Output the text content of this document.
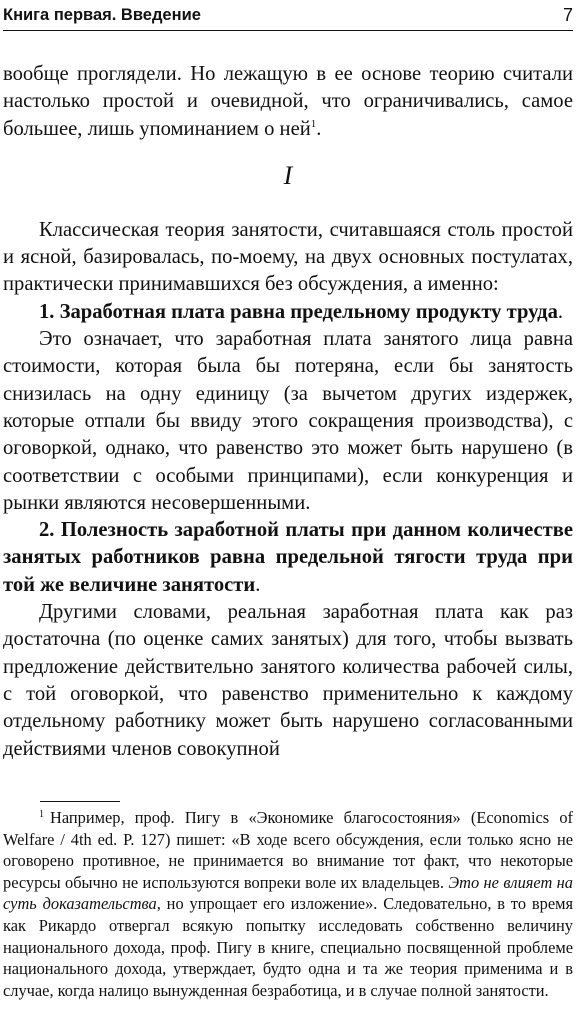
Книга первая. Введение	7

вообще проглядели. Но лежащую в ее основе теорию считали настолько простой и очевидной, что ограничивались, самое большее, лишь упоминанием о ней$^1$.

I

Классическая теория занятости, считавшаяся столь простой и ясной, базировалась, по-моему, на двух основных постулатах, практически принимавшихся без обсуждения, а именно:

1. Заработная плата равна предельному продукту труда.

Это означает, что заработная плата занятого лица равна стоимости, которая была бы потеряна, если бы занятость снизилась на одну единицу (за вычетом других издержек, которые отпали бы ввиду этого сокращения производства), с оговоркой, однако, что равенство это может быть нарушено (в соответствии с особыми принципами), если конкуренция и рынки являются несовершенными.

2. Полезность заработной платы при данном количестве занятых работников равна предельной тягости труда при той же величине занятости.

Другими словами, реальная заработная плата как раз достаточна (по оценке самих занятых) для того, чтобы вызвать предложение действительно занятого количества рабочей силы, с той оговоркой, что равенство применительно к каждому отдельному работнику может быть нарушено согласованными действиями членов совокупной

$^1$ Например, проф. Пигу в «Экономике благосостояния» (Economics of Welfare / 4th ed. P. 127) пишет: «В ходе всего обсуждения, если только ясно не оговорено противное, не принимается во внимание тот факт, что некоторые ресурсы обычно не используются вопреки воле их владельцев. Это не влияет на суть доказательства, но упрощает его изложение». Следовательно, в то время как Рикардо отвергал всякую попытку исследовать собственно величину национального дохода, проф. Пигу в книге, специально посвященной проблеме национального дохода, утверждает, будто одна и та же теория применима и в случае, когда налицо вынужденная безработица, и в случае полной занятости.
